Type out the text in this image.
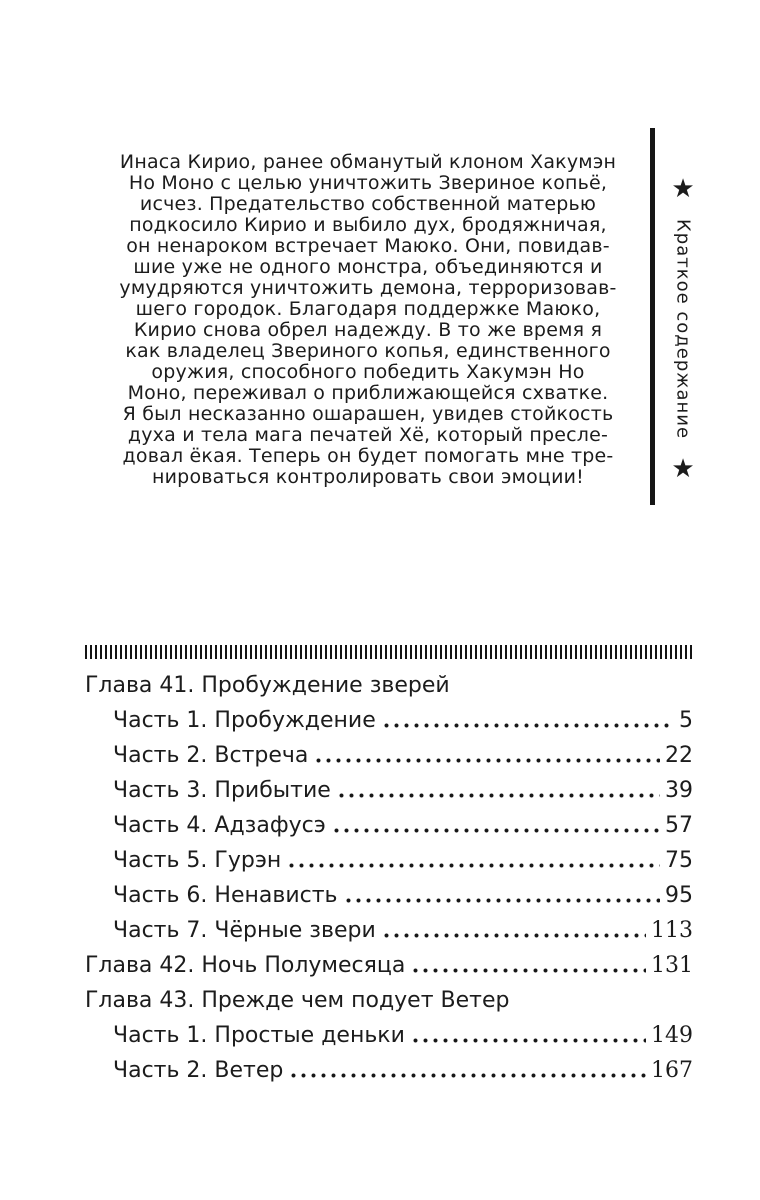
Инаса Кирио, ранее обманутый клоном Хакумэн
Но Моно с целью уничтожить Звериное копьё,
исчез. Предательство собственной матерью
подкосило Кирио и выбило дух, бродяжничая,
он ненароком встречает Маюко. Они, повидав-
шие уже не одного монстра, объединяются и
умудряются уничтожить демона, терроризовав-
шего городок. Благодаря поддержке Маюко,
Кирио снова обрел надежду. В то же время я
как владелец Звериного копья, единственного
оружия, способного победить Хакумэн Но
Моно, переживал о приближающейся схватке.
Я был несказанно ошарашен, увидев стойкость
духа и тела мага печатей Хё, который пресле-
довал ёкая. Теперь он будет помогать мне тре-
нироваться контролировать свои эмоции!
★
Краткое содержание
★
Глава 41. Пробуждение зверей
Часть 1. Пробуждение	5
Часть 2. Встреча	22
Часть 3. Прибытие	39
Часть 4. Адзафусэ	57
Часть 5. Гурэн	75
Часть 6. Ненависть	95
Часть 7. Чёрные звери	113
Глава 42. Ночь Полумесяца	131
Глава 43. Прежде чем подует Ветер
Часть 1. Простые деньки	149
Часть 2. Ветер	167
